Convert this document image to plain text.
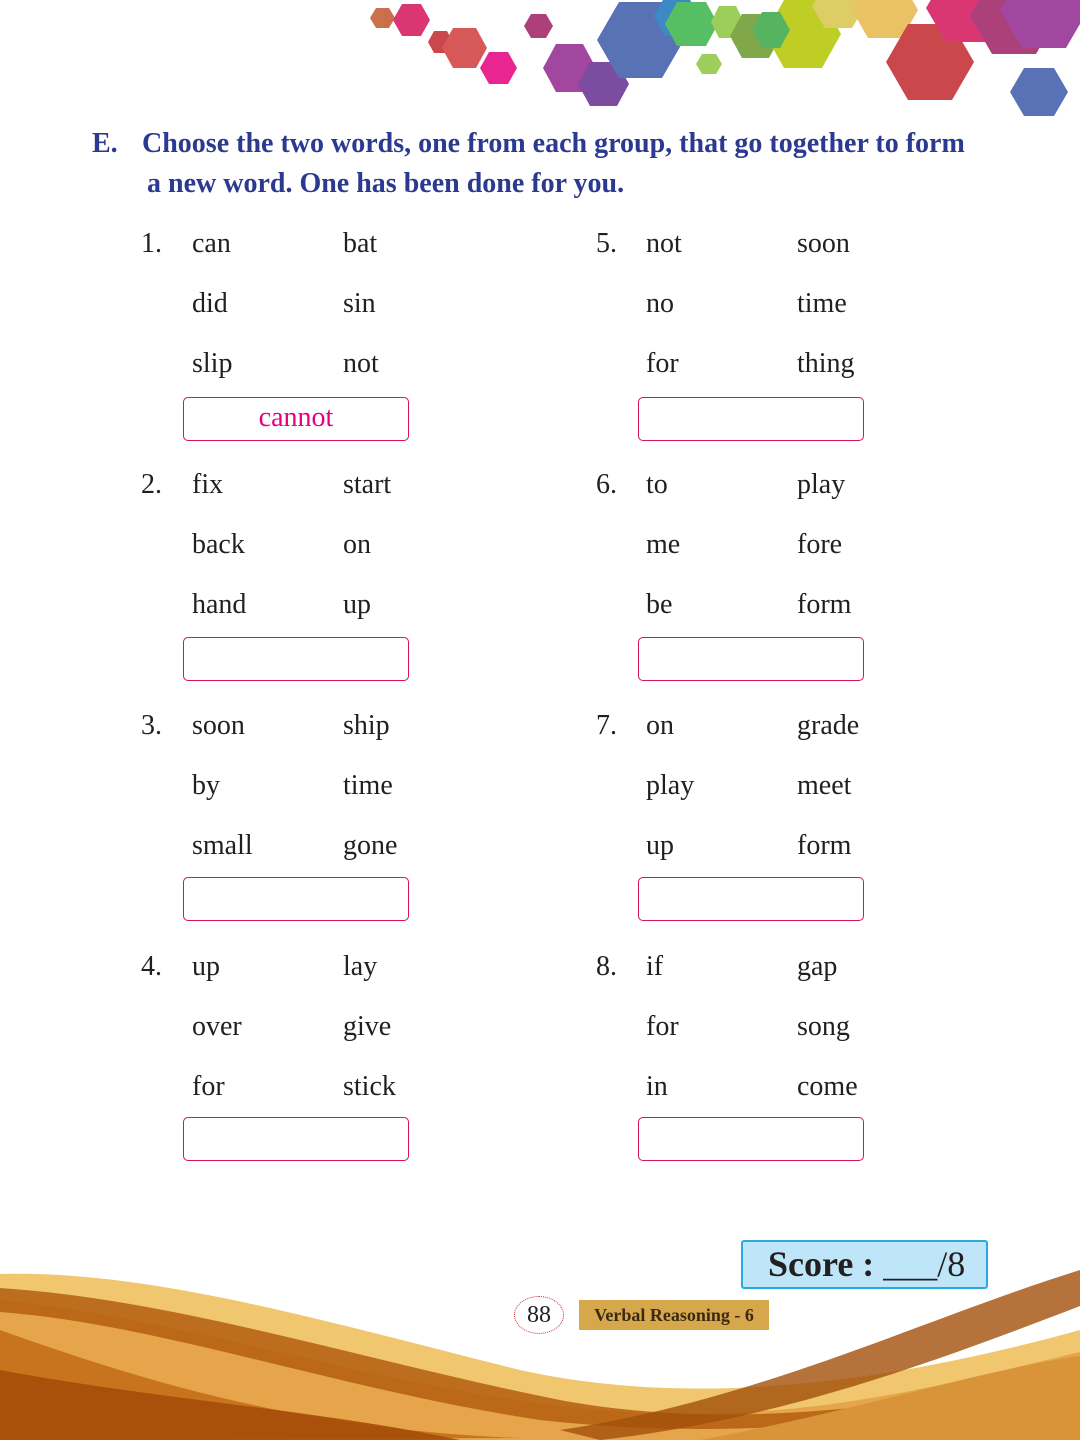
E. Choose the two words, one from each group, that go together to form
a new word. One has been done for you.
1. can
did
slip
bat
sin
not
cannot
2. fix
back
hand
start
on
up
3. soon
by
small
ship
time
gone
4. up
over
for
lay
give
stick
5. not
no
for
soon
time
thing
6. to
me
be
play
fore
form
7. on
play
up
grade
meet
form
8. if
for
in
gap
song
come
Score : ___/8
88	Verbal Reasoning - 6
